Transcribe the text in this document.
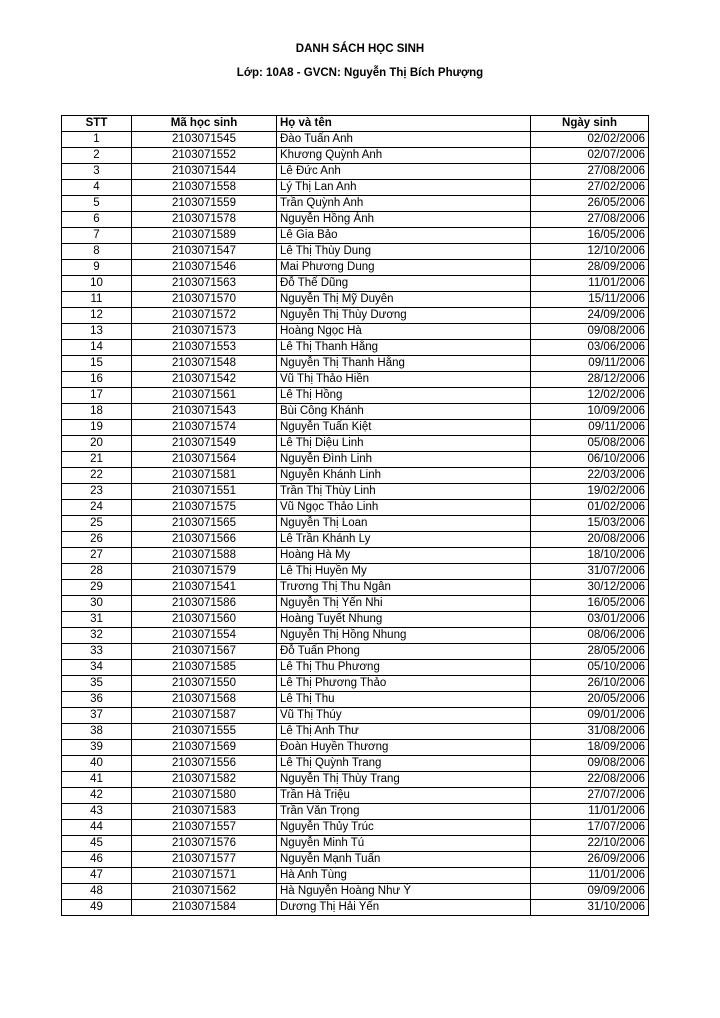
DANH SÁCH HỌC SINH
Lớp: 10A8 - GVCN: Nguyễn Thị Bích Phượng
STT	Mã học sinh	Họ và tên	Ngày sinh
1	2103071545	Đào Tuấn Anh	02/02/2006
2	2103071552	Khương Quỳnh Anh	02/07/2006
3	2103071544	Lê Đức Anh	27/08/2006
4	2103071558	Lý Thị Lan Anh	27/02/2006
5	2103071559	Trần Quỳnh Anh	26/05/2006
6	2103071578	Nguyễn Hồng Ánh	27/08/2006
7	2103071589	Lê Gia Bảo	16/05/2006
8	2103071547	Lê Thị Thùy Dung	12/10/2006
9	2103071546	Mai Phương Dung	28/09/2006
10	2103071563	Đỗ Thế Dũng	11/01/2006
11	2103071570	Nguyễn Thị Mỹ Duyên	15/11/2006
12	2103071572	Nguyễn Thị Thùy Dương	24/09/2006
13	2103071573	Hoàng Ngọc Hà	09/08/2006
14	2103071553	Lê Thị Thanh Hằng	03/06/2006
15	2103071548	Nguyễn Thị Thanh Hằng	09/11/2006
16	2103071542	Vũ Thị Thảo Hiền	28/12/2006
17	2103071561	Lê Thị Hồng	12/02/2006
18	2103071543	Bùi Công Khánh	10/09/2006
19	2103071574	Nguyễn Tuấn Kiệt	09/11/2006
20	2103071549	Lê Thị Diệu Linh	05/08/2006
21	2103071564	Nguyễn Đình Linh	06/10/2006
22	2103071581	Nguyễn Khánh Linh	22/03/2006
23	2103071551	Trần Thị Thùy Linh	19/02/2006
24	2103071575	Vũ Ngọc Thảo Linh	01/02/2006
25	2103071565	Nguyễn Thị Loan	15/03/2006
26	2103071566	Lê Trần Khánh Ly	20/08/2006
27	2103071588	Hoàng Hà My	18/10/2006
28	2103071579	Lê Thị Huyền My	31/07/2006
29	2103071541	Trương Thị Thu Ngân	30/12/2006
30	2103071586	Nguyễn Thị Yến Nhi	16/05/2006
31	2103071560	Hoàng Tuyết Nhung	03/01/2006
32	2103071554	Nguyễn Thị Hồng Nhung	08/06/2006
33	2103071567	Đỗ Tuấn Phong	28/05/2006
34	2103071585	Lê Thị Thu Phương	05/10/2006
35	2103071550	Lê Thị Phương Thảo	26/10/2006
36	2103071568	Lê Thị Thu	20/05/2006
37	2103071587	Vũ Thị Thúy	09/01/2006
38	2103071555	Lê Thị Anh Thư	31/08/2006
39	2103071569	Đoàn Huyền Thương	18/09/2006
40	2103071556	Lê Thị Quỳnh Trang	09/08/2006
41	2103071582	Nguyễn Thị Thùy Trang	22/08/2006
42	2103071580	Trần Hà Triệu	27/07/2006
43	2103071583	Trần Văn Trọng	11/01/2006
44	2103071557	Nguyễn Thủy Trúc	17/07/2006
45	2103071576	Nguyễn Minh Tú	22/10/2006
46	2103071577	Nguyễn Mạnh Tuấn	26/09/2006
47	2103071571	Hà Anh Tùng	11/01/2006
48	2103071562	Hà Nguyễn Hoàng Như Ý	09/09/2006
49	2103071584	Dương Thị Hải Yến	31/10/2006
